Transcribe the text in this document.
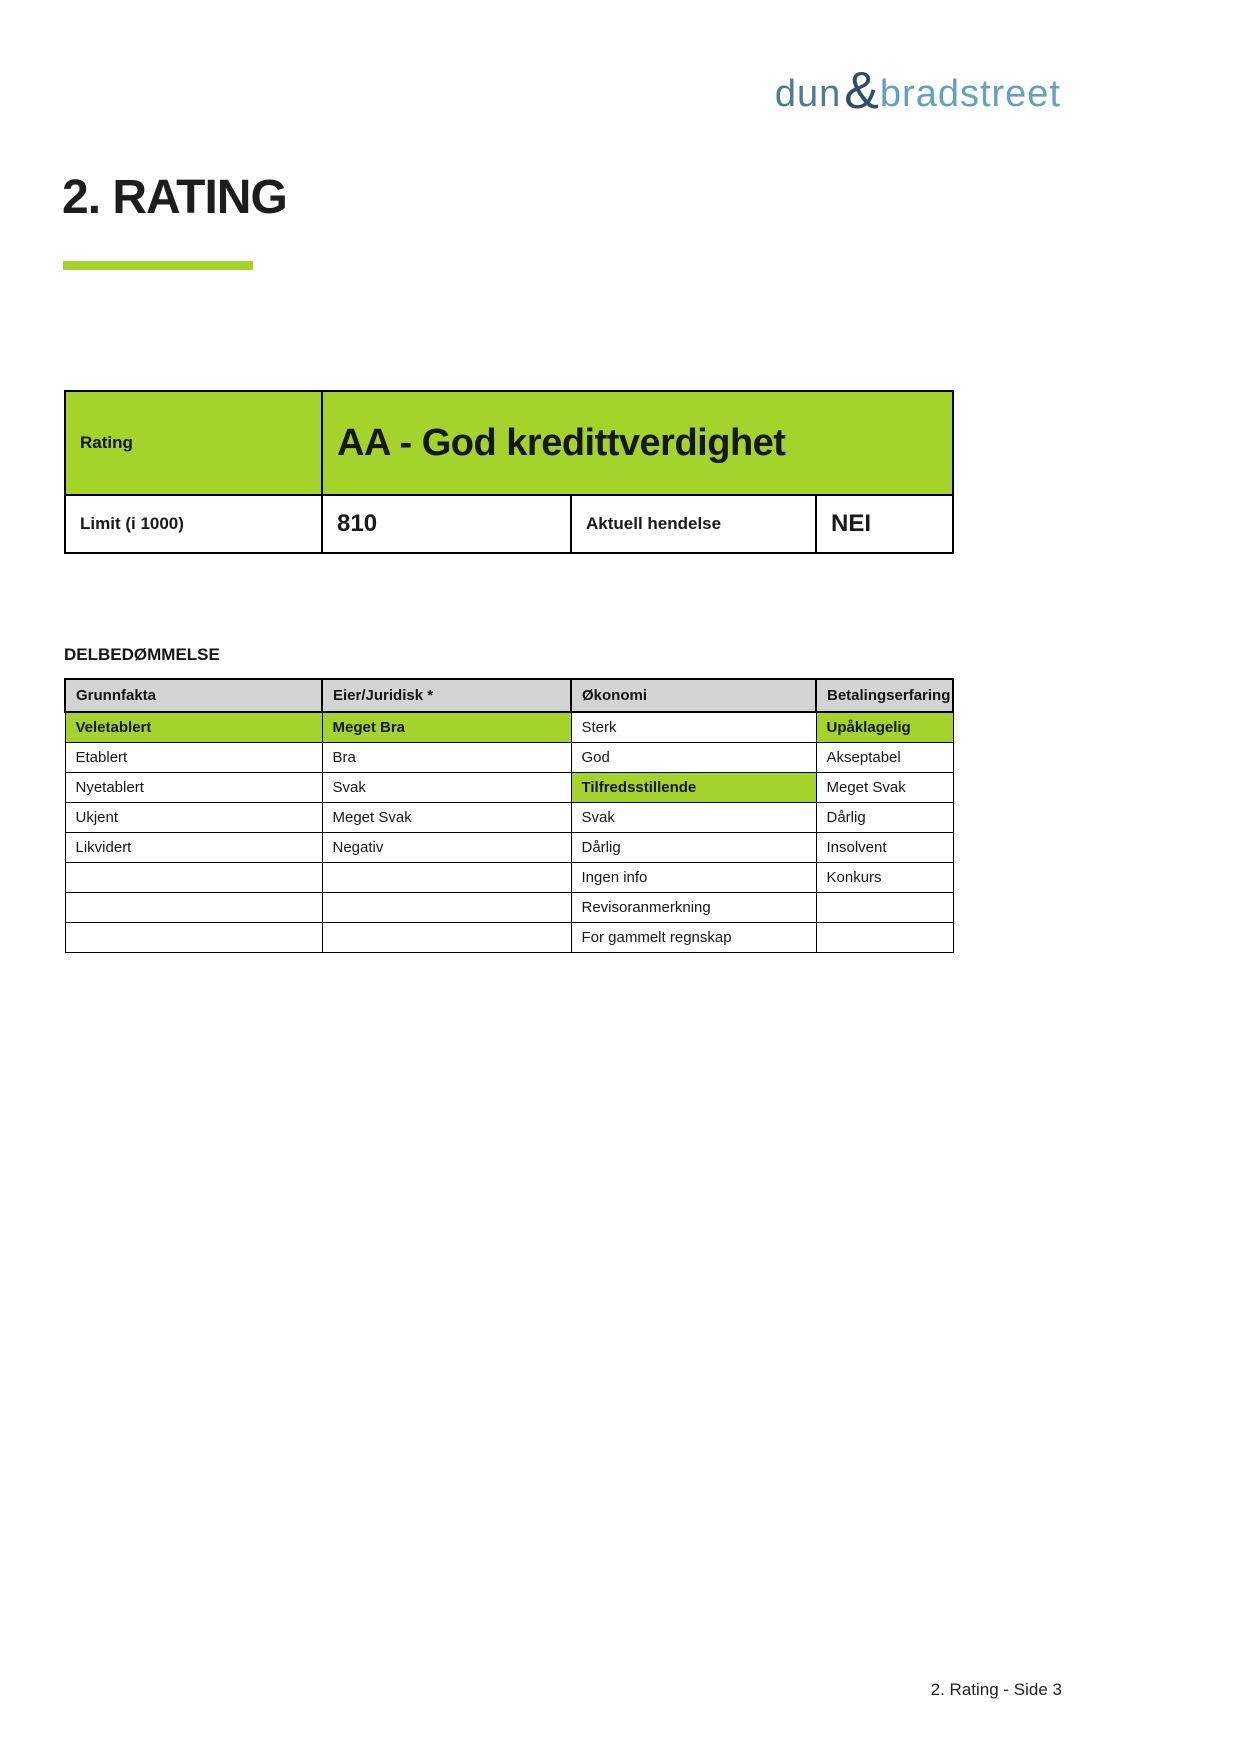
dun & bradstreet
2. RATING
Rating	AA - God kredittverdighet		
Limit (i 1000)	810	Aktuell hendelse	NEI
DELBEDØMMELSE
Grunnfakta	Eier/Juridisk *	Økonomi	Betalingserfaring
Veletablert	Meget Bra	Sterk	Upåklagelig
Etablert	Bra	God	Akseptabel
Nyetablert	Svak	Tilfredsstillende	Meget Svak
Ukjent	Meget Svak	Svak	Dårlig
Likvidert	Negativ	Dårlig	Insolvent
		Ingen info	Konkurs
		Revisoranmerkning	
		For gammelt regnskap	
2. Rating - Side 3
